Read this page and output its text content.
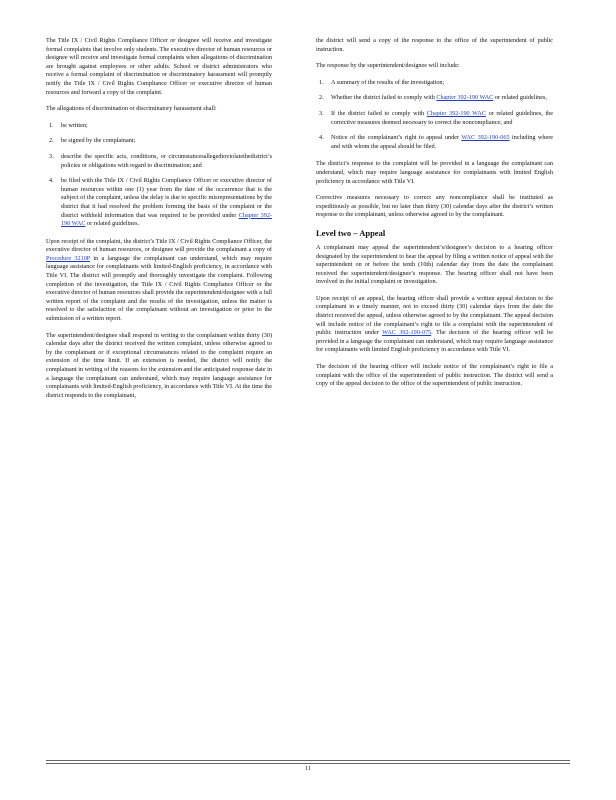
The Title IX / Civil Rights Compliance Officer or designee will receive and investigate formal complaints that involve only students. The executive director of human resources or designee will receive and investigate formal complaints when allegations of discrimination are brought against employees or other adults. School or district administrators who receive a formal complaint of discrimination or discriminatory harassment will promptly notify the Title IX / Civil Rights Compliance Officer or executive director of human resources and forward a copy of the complaint.

The allegations of discrimination or discriminatory harassment shall:

1. be written;
2. be signed by the complainant;
3. describe the specific acts, conditions, or circumstancesallegedtoviolatethedistrict’s policies or obligations with regard to discrimination; and
4. be filed with the Title IX / Civil Rights Compliance Officer or executive director of human resources within one (1) year from the date of the occurrence that is the subject of the complaint, unless the delay is due to specific misrepresentations by the district that it had resolved the problem forming the basis of the complaint or the district withheld information that was required to be provided under Chapter 392-190 WAC or related guidelines.

Upon receipt of the complaint, the district’s Title IX / Civil Rights Compliance Officer, the executive director of human resources, or designee will provide the complainant a copy of Procedure 3210P in a language the complainant can understand, which may require language assistance for complainants with limited-English proficiency, in accordance with Title VI. The district will promptly and thoroughly investigate the complaint. Following completion of the investigation, the Title IX / Civil Rights Compliance Officer or the executive director of human resources shall provide the superintendent/designee with a full written report of the complaint and the results of the investigation, unless the matter is resolved to the satisfaction of the complainant without an investigation or prior to the submission of a written report.

The superintendent/designee shall respond in writing to the complainant within thirty (30) calendar days after the district received the written complaint, unless otherwise agreed to by the complainant or if exceptional circumstances related to the complaint require an extension of the time limit. If an extension is needed, the district will notify the complainant in writing of the reasons for the extension and the anticipated response date in a language the complainant can understand, which may require language assistance for complainants with limited-English proficiency, in accordance with Title VI. At the time the district responds to the complainant,

the district will send a copy of the response to the office of the superintendent of public instruction.

The response by the superintendent/designee will include:

1. A summary of the results of the investigation;
2. Whether the district failed to comply with Chapter 392-190 WAC or related guidelines,
3. If the district failed to comply with Chapter 392-190 WAC or related guidelines, the corrective measures deemed necessary to correct the noncompliance; and
4. Notice of the complainant’s right to appeal under WAC 392-190-065 including where and with whom the appeal should be filed.

The district’s response to the complaint will be provided in a language the complainant can understand, which may require language assistance for complainants with limited English proficiency in accordance with Title VI.

Corrective measures necessary to correct any noncompliance shall be instituted as expeditiously as possible, but no later than thirty (30) calendar days after the district’s written response to the complainant, unless otherwise agreed to by the complainant.

Level two – Appeal

A complainant may appeal the superintendent’s/designee’s decision to a hearing officer designated by the superintendent to hear the appeal by filing a written notice of appeal with the superintendent on or before the tenth (10th) calendar day from the date the complainant received the superintendent/designee’s response. The hearing officer shall not have been involved in the initial complaint or investigation.

Upon receipt of an appeal, the hearing officer shall provide a written appeal decision to the complainant in a timely manner, not to exceed thirty (30) calendar days from the date the district received the appeal, unless otherwise agreed to by the complainant. The appeal decision will include notice of the complainant’s right to file a complaint with the superintendent of public instruction under WAC 392-190-075. The decision of the hearing officer will be provided in a language the complainant can understand, which may require language assistance for complainants with limited English proficiency in accordance with Title VI.

The decision of the hearing officer will include notice of the complainant’s right to file a complaint with the office of the superintendent of public instruction. The district will send a copy of the appeal decision to the office of the superintendent of public instruction.

11
